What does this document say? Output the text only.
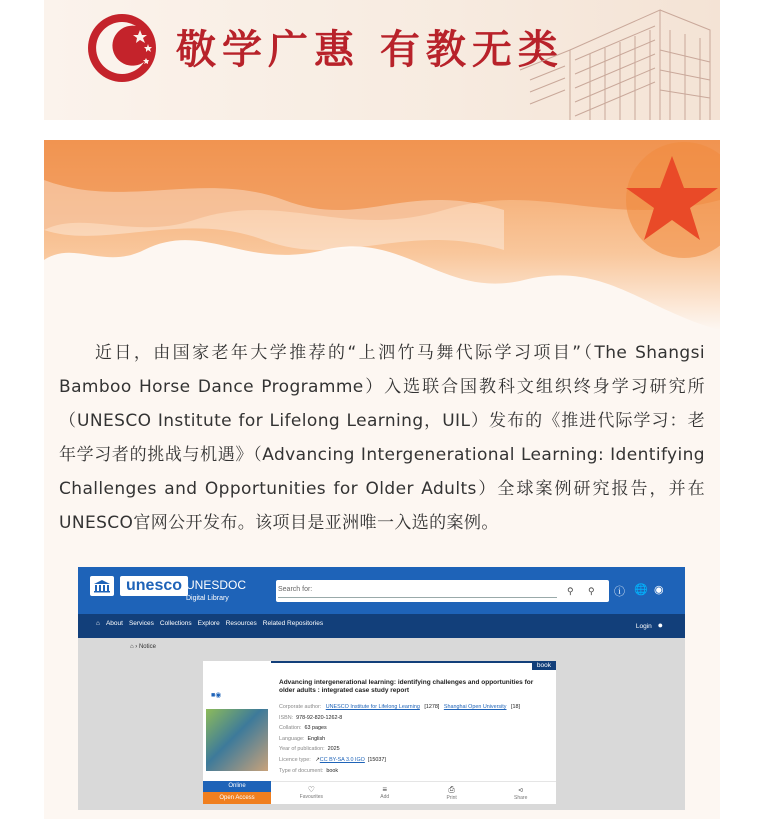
敬学广惠 有教无类

近日，由国家老年大学推荐的“上泗竹马舞代际学习项目”（The Shangsi Bamboo Horse Dance Programme）入选联合国教科文组织终身学习研究所（UNESCO Institute for Lifelong Learning，UIL）发布的《推进代际学习：老年学习者的挑战与机遇》（Advancing Intergenerational Learning: Identifying Challenges and Opportunities for Older Adults）全球案例研究报告，并在UNESCO官网公开发布。该项目是亚洲唯一入选的案例。

unesco UNESDOC
Digital Library
Search for:	⚲ ⚲ ⓘ 🌐 ◉
⌂ About Services Collections Explore Resources Related Repositories	Login ●
⌂ › Notice
book
■◉
Online
Open Access
Advancing intergenerational learning: identifying challenges and opportunities for older adults : integrated case study report
Corporate author: UNESCO Institute for Lifelong Learning [1278] Shanghai Open University [18]
ISBN: 978-92-820-1262-8
Collation: 63 pages
Language: English
Year of publication: 2025
Licence type: ↗CC BY-SA 3.0 IGO [15037]
Type of document: book
♡
Favourites
≡
Add
⎙
Print
⪦
Share
